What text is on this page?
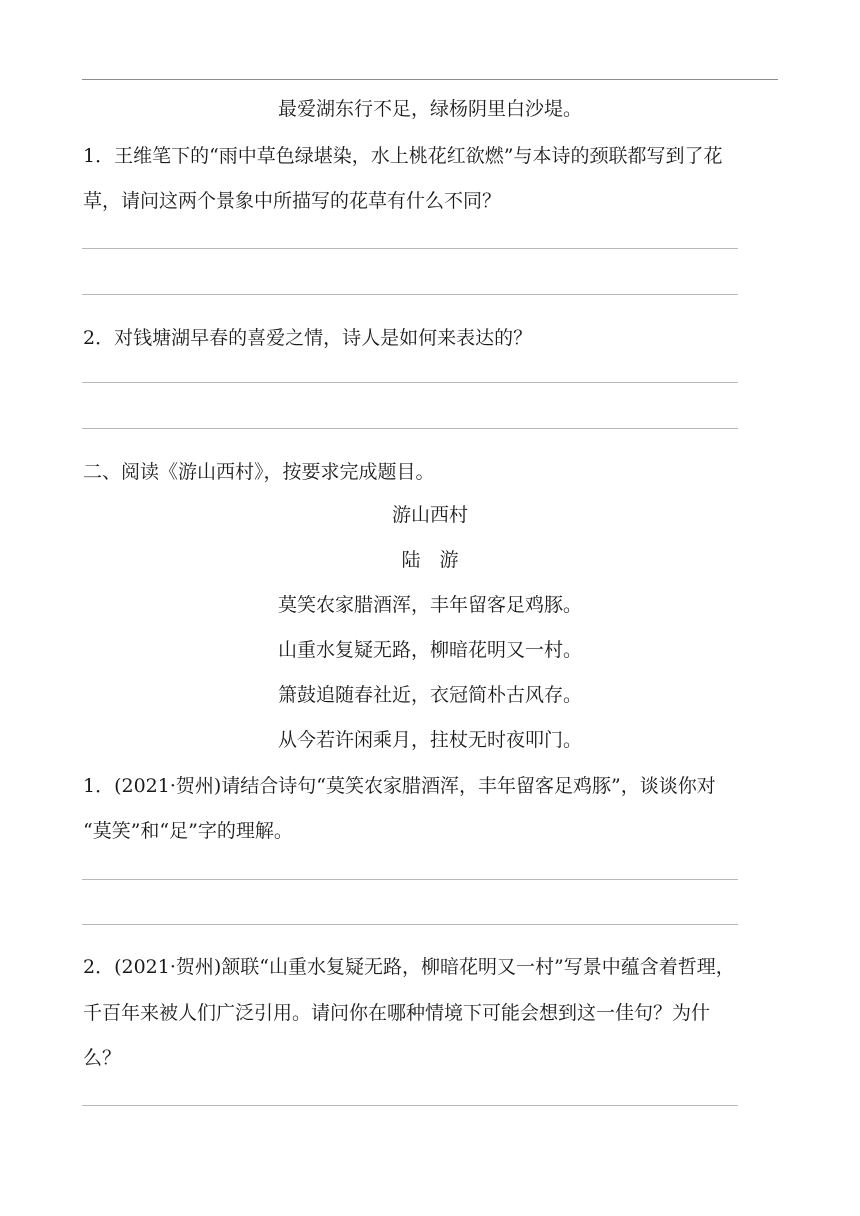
最爱湖东行不足，绿杨阴里白沙堤。
1．王维笔下的“雨中草色绿堪染，水上桃花红欲燃”与本诗的颈联都写到了花
草，请问这两个景象中所描写的花草有什么不同？
2．对钱塘湖早春的喜爱之情，诗人是如何来表达的？
二、阅读《游山西村》，按要求完成题目。
游山西村
陆　游
莫笑农家腊酒浑，丰年留客足鸡豚。
山重水复疑无路，柳暗花明又一村。
箫鼓追随春社近，衣冠简朴古风存。
从今若许闲乘月，拄杖无时夜叩门。
1．(2021·贺州)请结合诗句“莫笑农家腊酒浑，丰年留客足鸡豚”，谈谈你对
“莫笑”和“足”字的理解。
2．(2021·贺州)颔联“山重水复疑无路，柳暗花明又一村”写景中蕴含着哲理，
千百年来被人们广泛引用。请问你在哪种情境下可能会想到这一佳句？为什
么？
